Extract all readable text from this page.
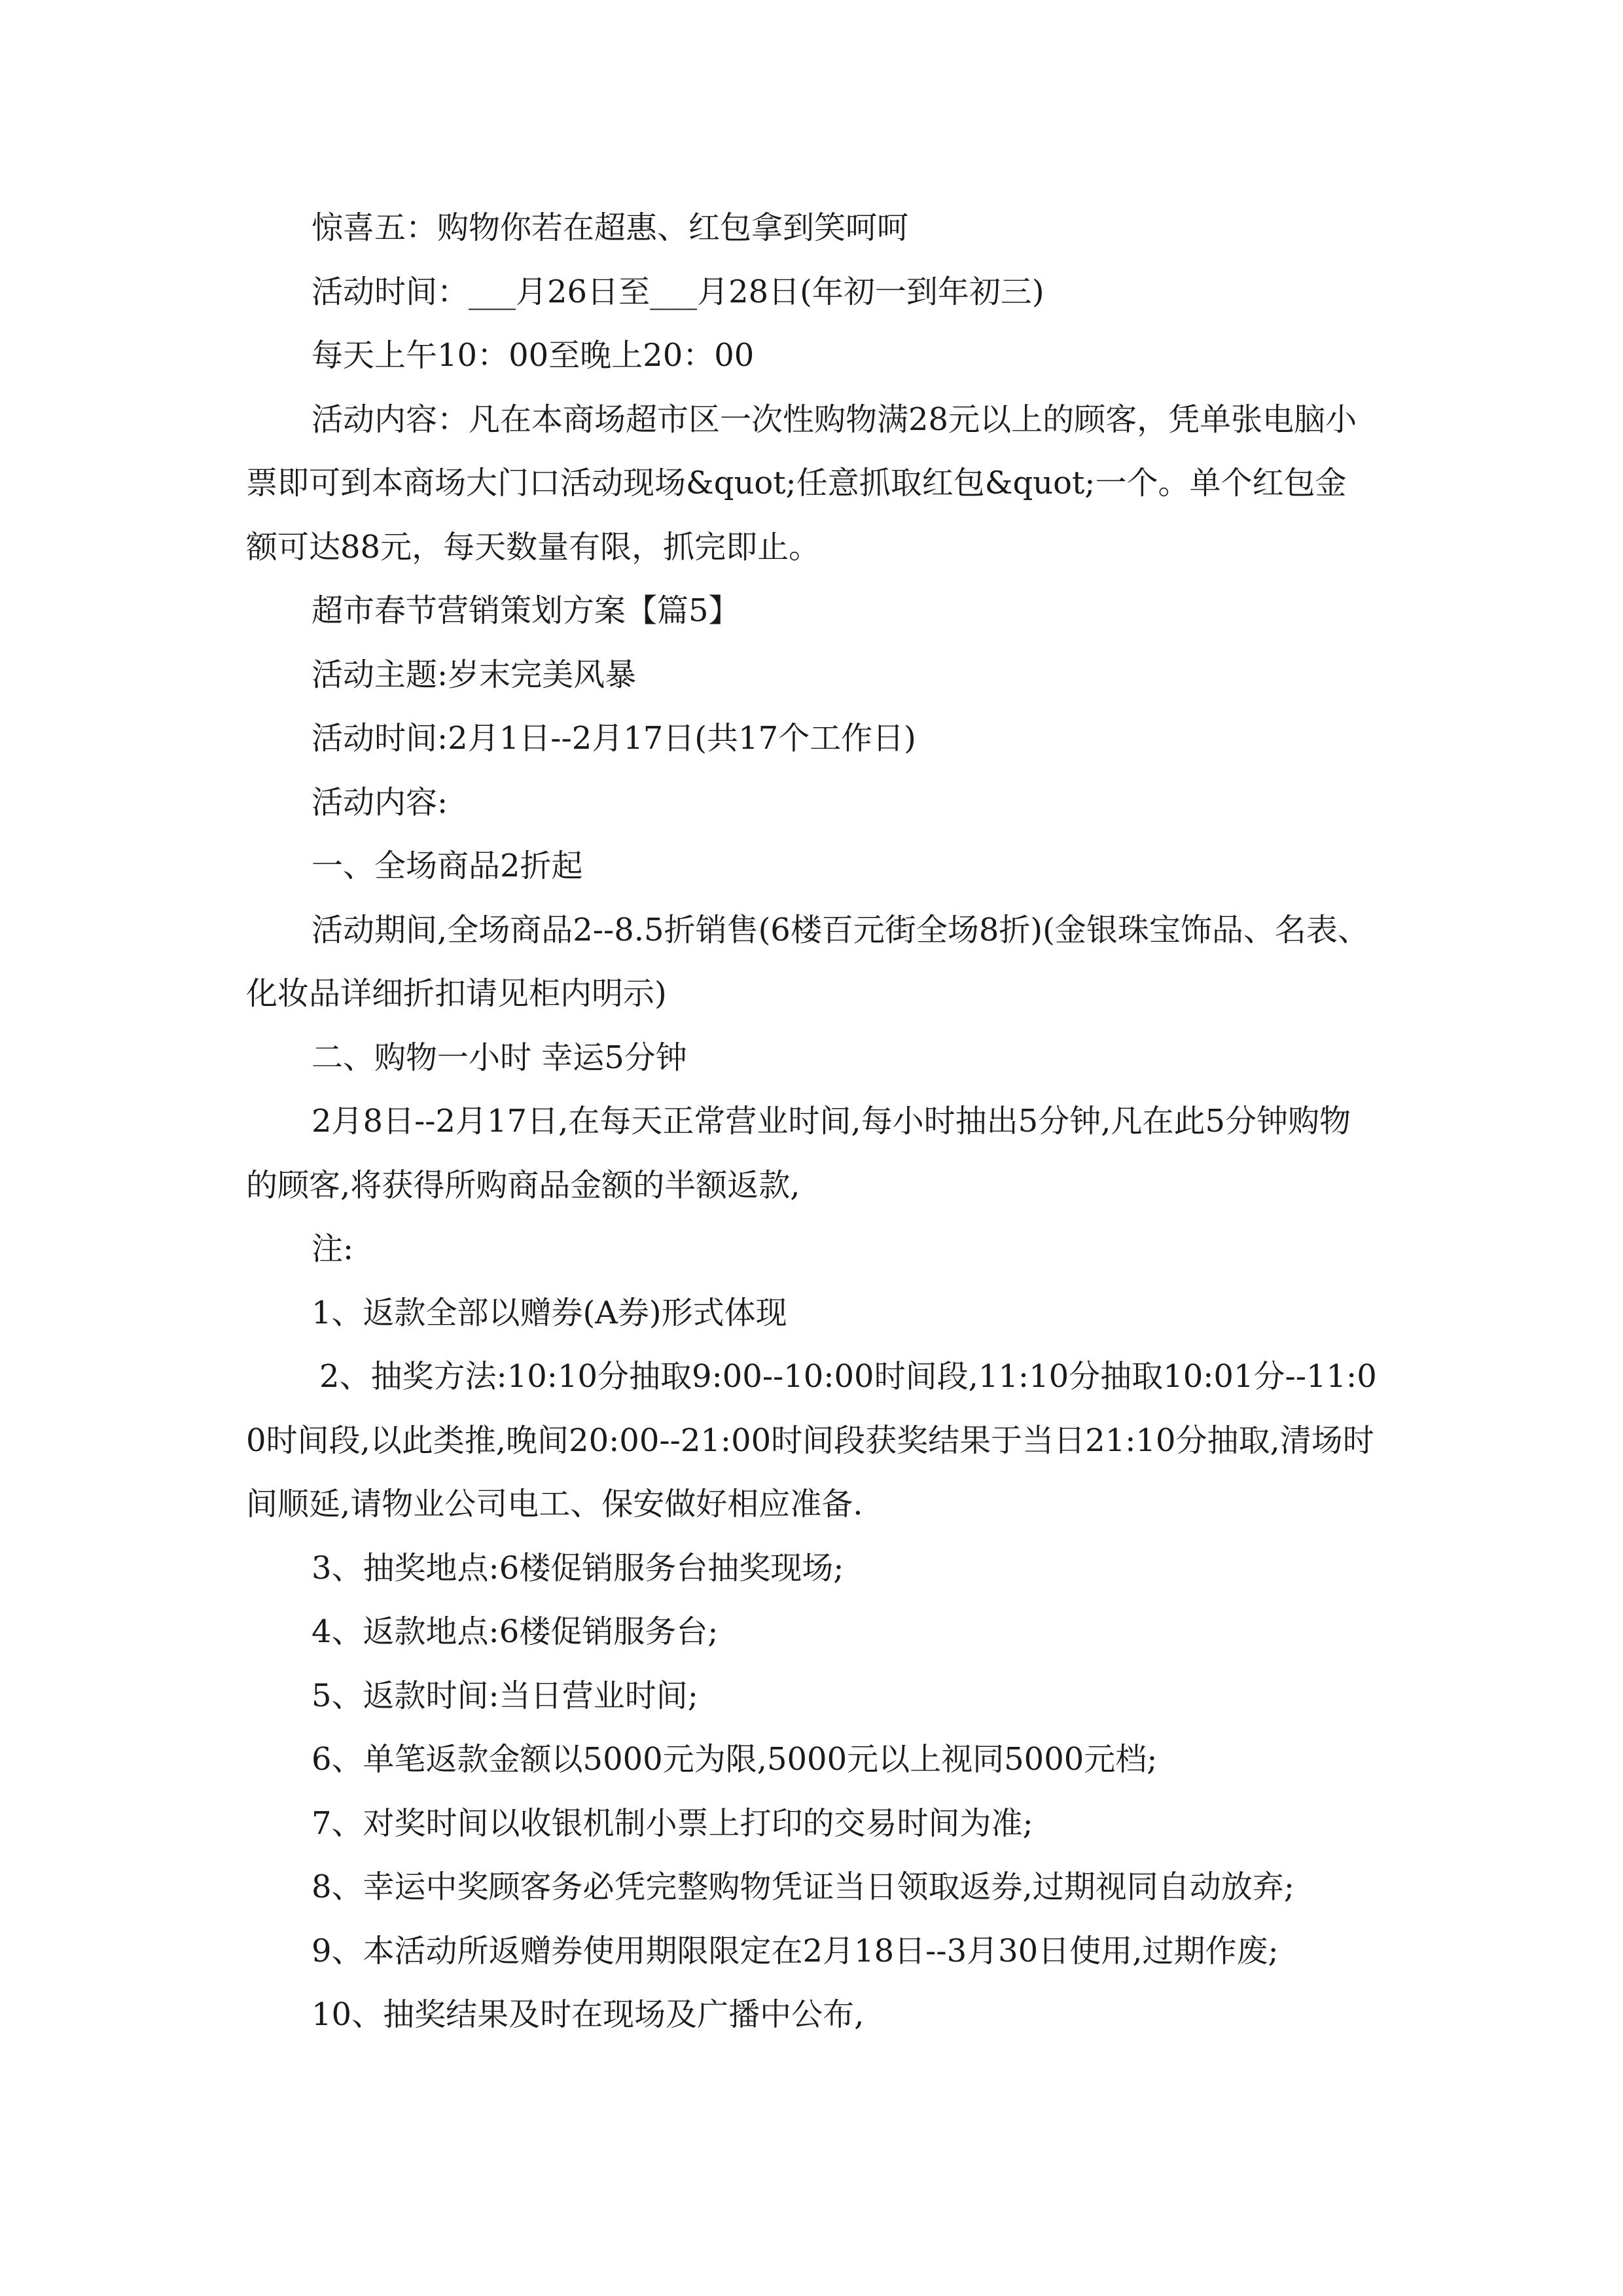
惊喜五：购物你若在超惠、红包拿到笑呵呵

活动时间：___月26日至___月28日(年初一到年初三)

每天上午10：00至晚上20：00

活动内容：凡在本商场超市区一次性购物满28元以上的顾客，凭单张电脑小票即可到本商场大门口活动现场&quot;任意抓取红包&quot;一个。单个红包金额可达88元，每天数量有限，抓完即止。

超市春节营销策划方案【篇5】

活动主题:岁末完美风暴

活动时间:2月1日--2月17日(共17个工作日)

活动内容:

一、全场商品2折起

活动期间,全场商品2--8.5折销售(6楼百元街全场8折)(金银珠宝饰品、名表、化妆品详细折扣请见柜内明示)

二、购物一小时 幸运5分钟

2月8日--2月17日,在每天正常营业时间,每小时抽出5分钟,凡在此5分钟购物的顾客,将获得所购商品金额的半额返款,

注:

1、返款全部以赠券(A券)形式体现

2、抽奖方法:10:10分抽取9:00--10:00时间段,11:10分抽取10:01分--11:00时间段,以此类推,晚间20:00--21:00时间段获奖结果于当日21:10分抽取,清场时间顺延,请物业公司电工、保安做好相应准备.

3、抽奖地点:6楼促销服务台抽奖现场;

4、返款地点:6楼促销服务台;

5、返款时间:当日营业时间;

6、单笔返款金额以5000元为限,5000元以上视同5000元档;

7、对奖时间以收银机制小票上打印的交易时间为准;

8、幸运中奖顾客务必凭完整购物凭证当日领取返券,过期视同自动放弃;

9、本活动所返赠券使用期限限定在2月18日--3月30日使用,过期作废;

10、抽奖结果及时在现场及广播中公布,
